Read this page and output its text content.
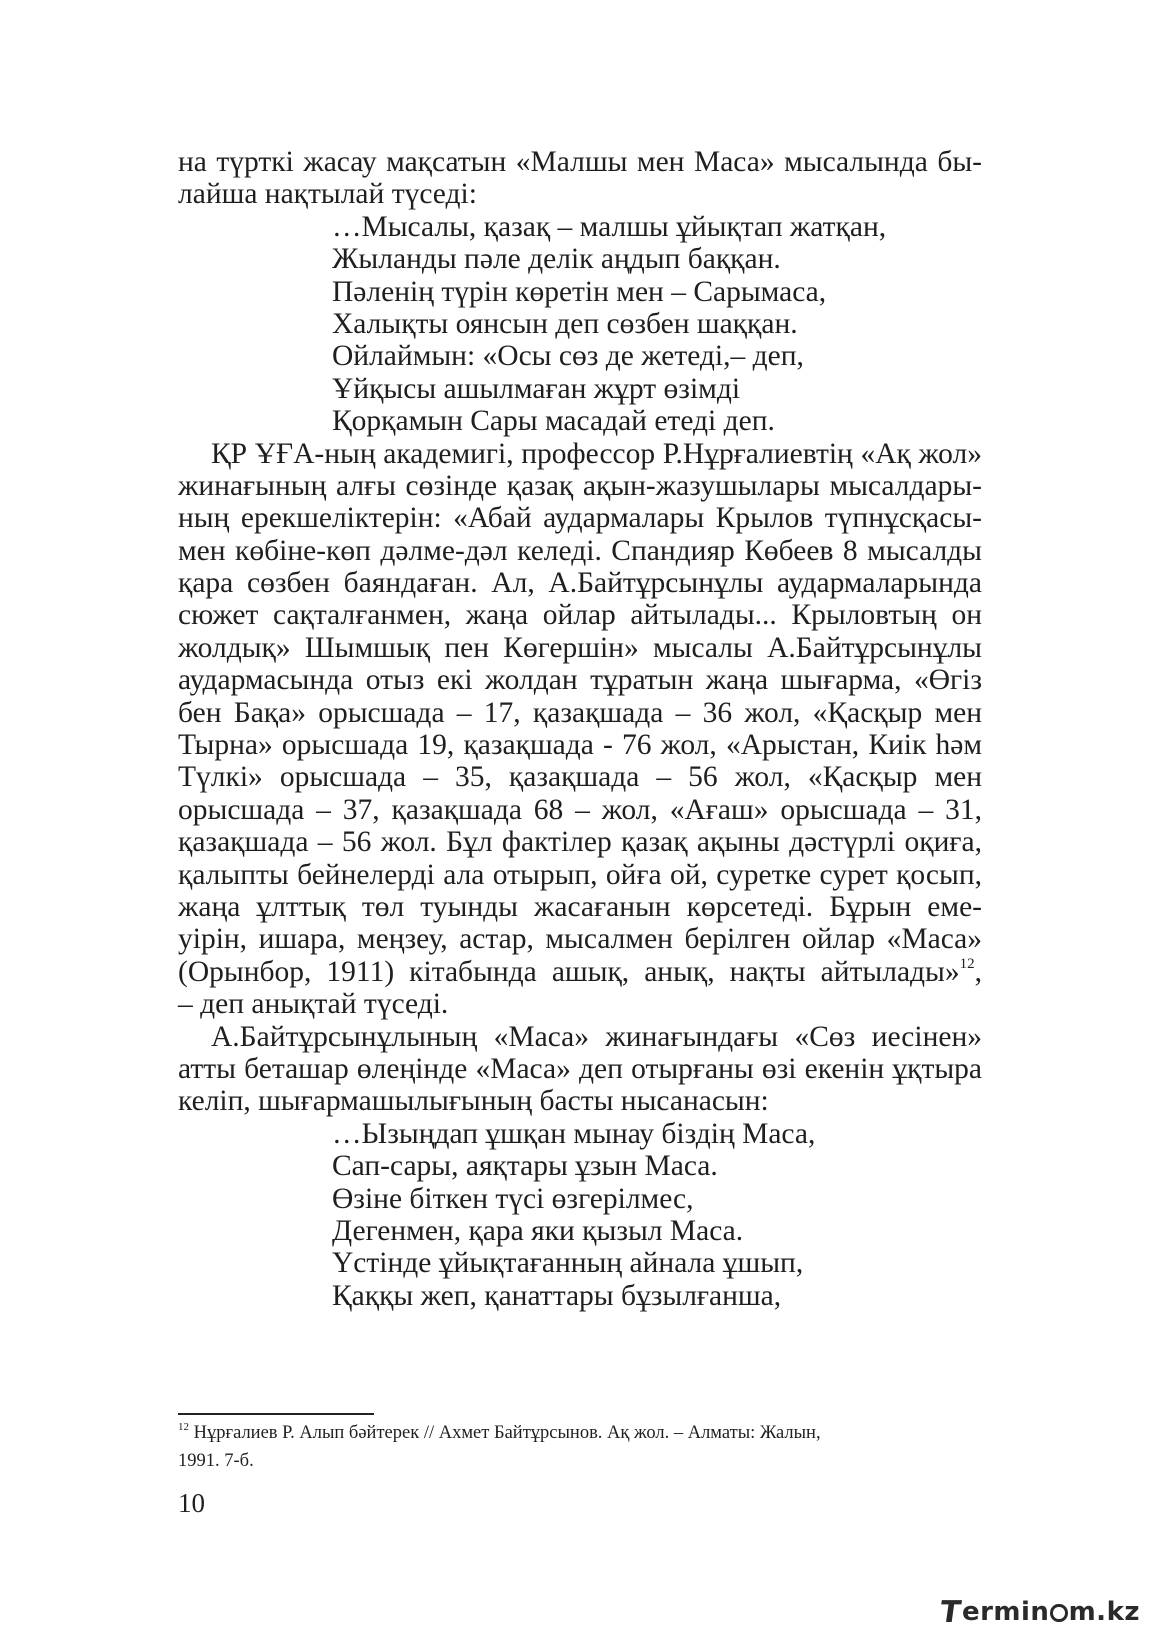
на түрткі жасау мақсатын «Малшы мен Маса» мысалында бы-
лайша нақтылай түседі:
…Мысалы, қазақ – малшы ұйықтап жатқан,
Жыланды пәле делік аңдып баққан.
Пәленің түрін көретін мен – Сарымаса,
Халықты оянсын деп сөзбен шаққан.
Ойлаймын: «Осы сөз де жетеді,– деп,
Ұйқысы ашылмаған жұрт өзімді
Қорқамын Сары масадай етеді деп.
ҚР ҰҒА-ның академигі, профессор Р.Нұрғалиевтің «Ақ жол»
жинағының алғы сөзінде қазақ ақын-жазушылары мысалдары-
ның ерекшеліктерін: «Абай аудармалары Крылов түпнұсқасы-
мен көбіне-көп дәлме-дәл келеді. Спандияр Көбеев 8 мысалды
қара сөзбен баяндаған. Ал, А.Байтұрсынұлы аудармаларында
сюжет сақталғанмен, жаңа ойлар айтылады... Крыловтың он
жолдық» Шымшық пен Көгершін» мысалы А.Байтұрсынұлы
аудармасында отыз екі жолдан тұратын жаңа шығарма, «Өгіз
бен Бақа» орысшада – 17, қазақшада – 36 жол, «Қасқыр мен
Тырна» орысшада 19, қазақшада - 76 жол, «Арыстан, Киік һәм
Түлкі» орысшада – 35, қазақшада – 56 жол, «Қасқыр мен
орысшада – 37, қазақшада 68 – жол, «Ағаш» орысшада – 31,
қазақшада – 56 жол. Бұл фактілер қазақ ақыны дәстүрлі оқиға,
қалыпты бейнелерді ала отырып, ойға ой, суретке сурет қосып,
жаңа ұлттық төл туынды жасағанын көрсетеді. Бұрын еме-
уірін, ишара, меңзеу, астар, мысалмен берілген ойлар «Маса»
(Орынбор, 1911) кітабында ашық, анық, нақты айтылады»$^{12}$,
– деп анықтай түседі.
А.Байтұрсынұлының «Маса» жинағындағы «Сөз иесінен»
атты беташар өлеңінде «Маса» деп отырғаны өзі екенін ұқтыра
келіп, шығармашылығының басты нысанасын:
…Ызыңдап ұшқан мынау біздің Маса,
Сап-сары, аяқтары ұзын Маса.
Өзіне біткен түсі өзгерілмес,
Дегенмен, қара яки қызыл Маса.
Үстінде ұйықтағанның айнала ұшып,
Қаққы жеп, қанаттары бұзылғанша,
$^{12}$ Нұрғалиев Р. Алып бәйтерек // Ахмет Байтұрсынов. Ақ жол. – Алматы: Жалын,
1991. 7-б.
10
T
ermin m.kz
